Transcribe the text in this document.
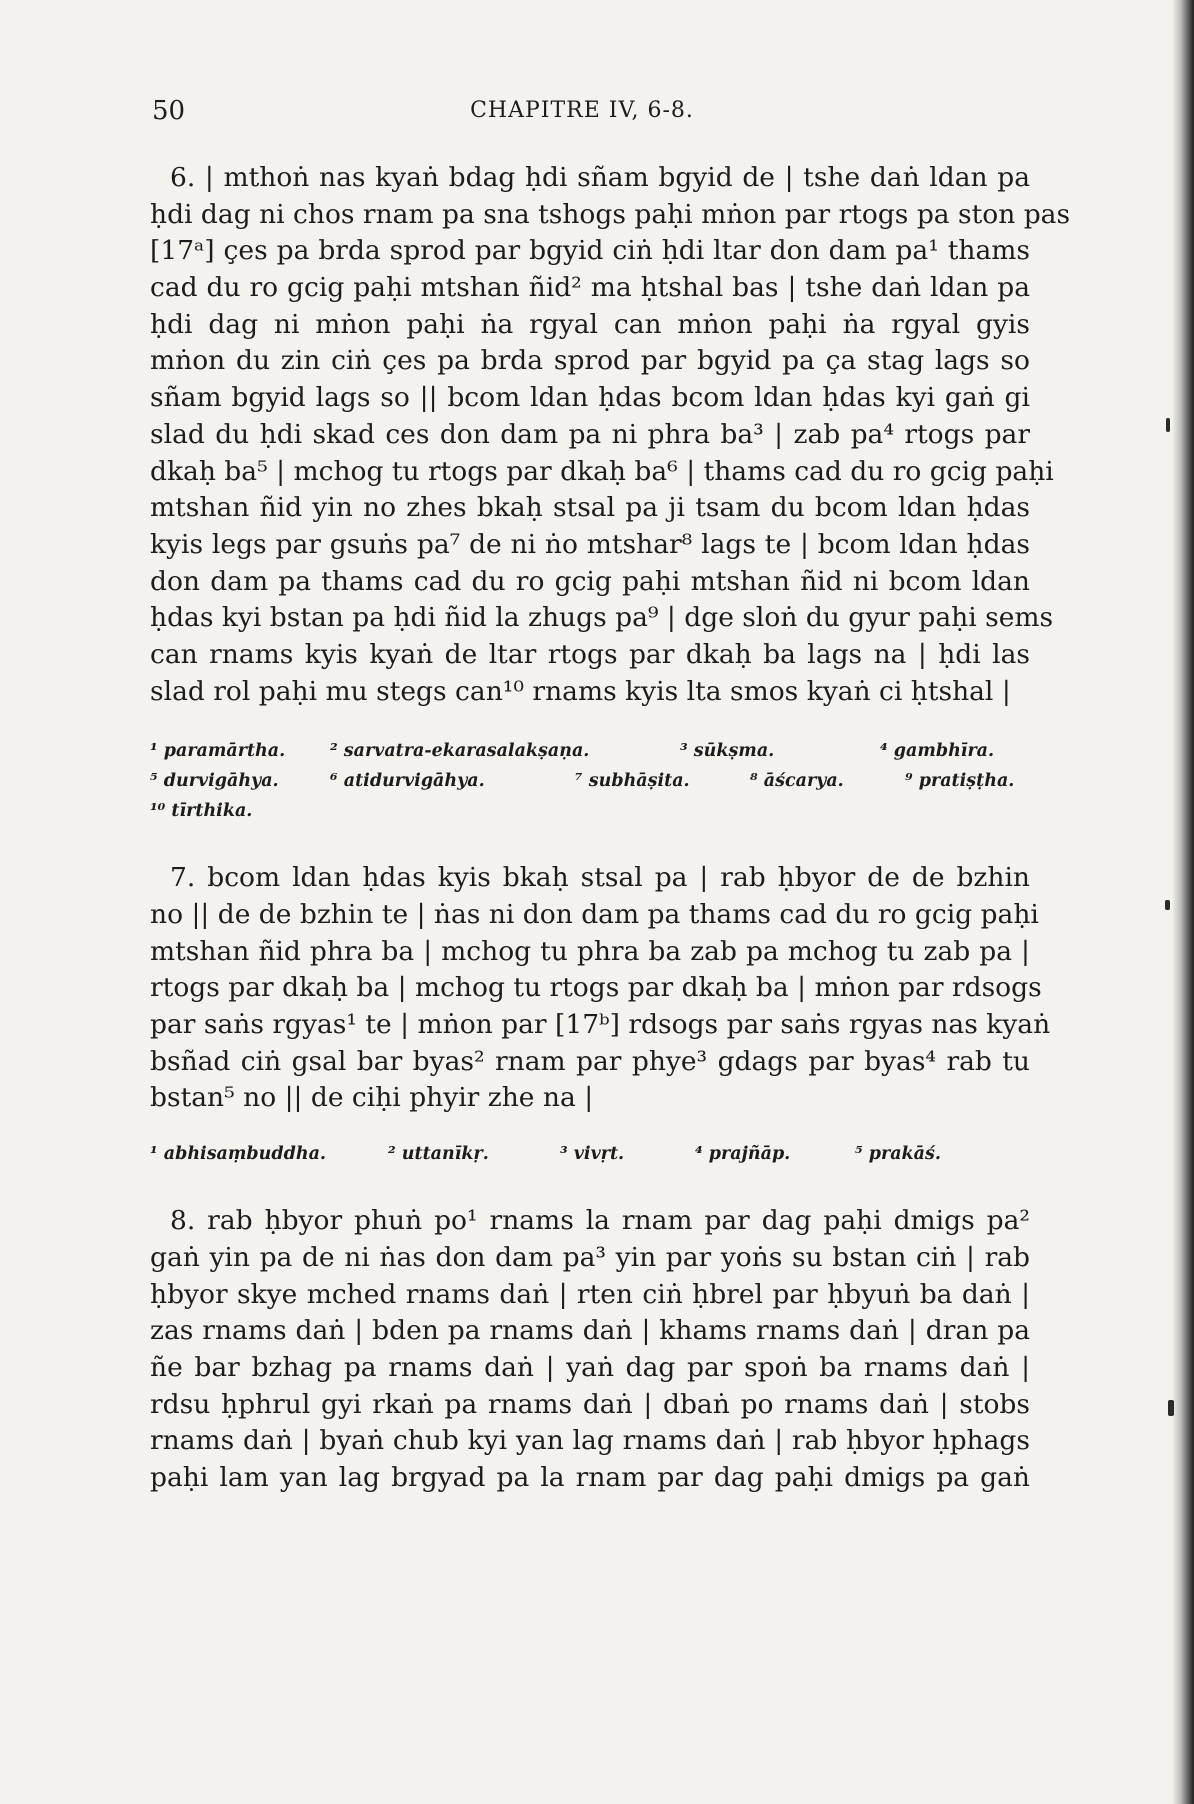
50	CHAPITRE IV, 6-8.
6. | mthoṅ nas kyaṅ bdag ḥdi sñam bgyid de | tshe daṅ ldan pa
ḥdi dag ni chos rnam pa sna tshogs paḥi mṅon par rtogs pa ston pas
[17ᵃ] çes pa brda sprod par bgyid ciṅ ḥdi ltar don dam pa¹ thams
cad du ro gcig paḥi mtshan ñid² ma ḥtshal bas | tshe daṅ ldan pa
ḥdi dag ni mṅon paḥi ṅa rgyal can mṅon paḥi ṅa rgyal gyis
mṅon du zin ciṅ çes pa brda sprod par bgyid pa ça stag lags so
sñam bgyid lags so || bcom ldan ḥdas bcom ldan ḥdas kyi gaṅ gi
slad du ḥdi skad ces don dam pa ni phra ba³ | zab pa⁴ rtogs par
dkaḥ ba⁵ | mchog tu rtogs par dkaḥ ba⁶ | thams cad du ro gcig paḥi
mtshan ñid yin no zhes bkaḥ stsal pa ji tsam du bcom ldan ḥdas
kyis legs par gsuṅs pa⁷ de ni ṅo mtshar⁸ lags te | bcom ldan ḥdas
don dam pa thams cad du ro gcig paḥi mtshan ñid ni bcom ldan
ḥdas kyi bstan pa ḥdi ñid la zhugs pa⁹ | dge sloṅ du gyur paḥi sems
can rnams kyis kyaṅ de ltar rtogs par dkaḥ ba lags na | ḥdi las
slad rol paḥi mu stegs can¹⁰ rnams kyis lta smos kyaṅ ci ḥtshal |
¹ paramārtha.	² sarvatra-ekarasalakṣaṇa.	³ sūkṣma.	⁴ gambhīra.
⁵ durvigāhya.	⁶ atidurvigāhya.	⁷ subhāṣita.	⁸ āścarya.	⁹ pratiṣṭha.
¹⁰ tīrthika.
7. bcom ldan ḥdas kyis bkaḥ stsal pa | rab ḥbyor de de bzhin
no || de de bzhin te | ṅas ni don dam pa thams cad du ro gcig paḥi
mtshan ñid phra ba | mchog tu phra ba zab pa mchog tu zab pa |
rtogs par dkaḥ ba | mchog tu rtogs par dkaḥ ba | mṅon par rdsogs
par saṅs rgyas¹ te | mṅon par [17ᵇ] rdsogs par saṅs rgyas nas kyaṅ
bsñad ciṅ gsal bar byas² rnam par phye³ gdags par byas⁴ rab tu
bstan⁵ no || de ciḥi phyir zhe na |
¹ abhisaṃbuddha.	² uttanīkṛ.	³ vivṛt.	⁴ prajñāp.	⁵ prakāś.
8. rab ḥbyor phuṅ po¹ rnams la rnam par dag paḥi dmigs pa²
gaṅ yin pa de ni ṅas don dam pa³ yin par yoṅs su bstan ciṅ | rab
ḥbyor skye mched rnams daṅ | rten ciṅ ḥbrel par ḥbyuṅ ba daṅ |
zas rnams daṅ | bden pa rnams daṅ | khams rnams daṅ | dran pa
ñe bar bzhag pa rnams daṅ | yaṅ dag par spoṅ ba rnams daṅ |
rdsu ḥphrul gyi rkaṅ pa rnams daṅ | dbaṅ po rnams daṅ | stobs
rnams daṅ | byaṅ chub kyi yan lag rnams daṅ | rab ḥbyor ḥphags
paḥi lam yan lag brgyad pa la rnam par dag paḥi dmigs pa gaṅ
